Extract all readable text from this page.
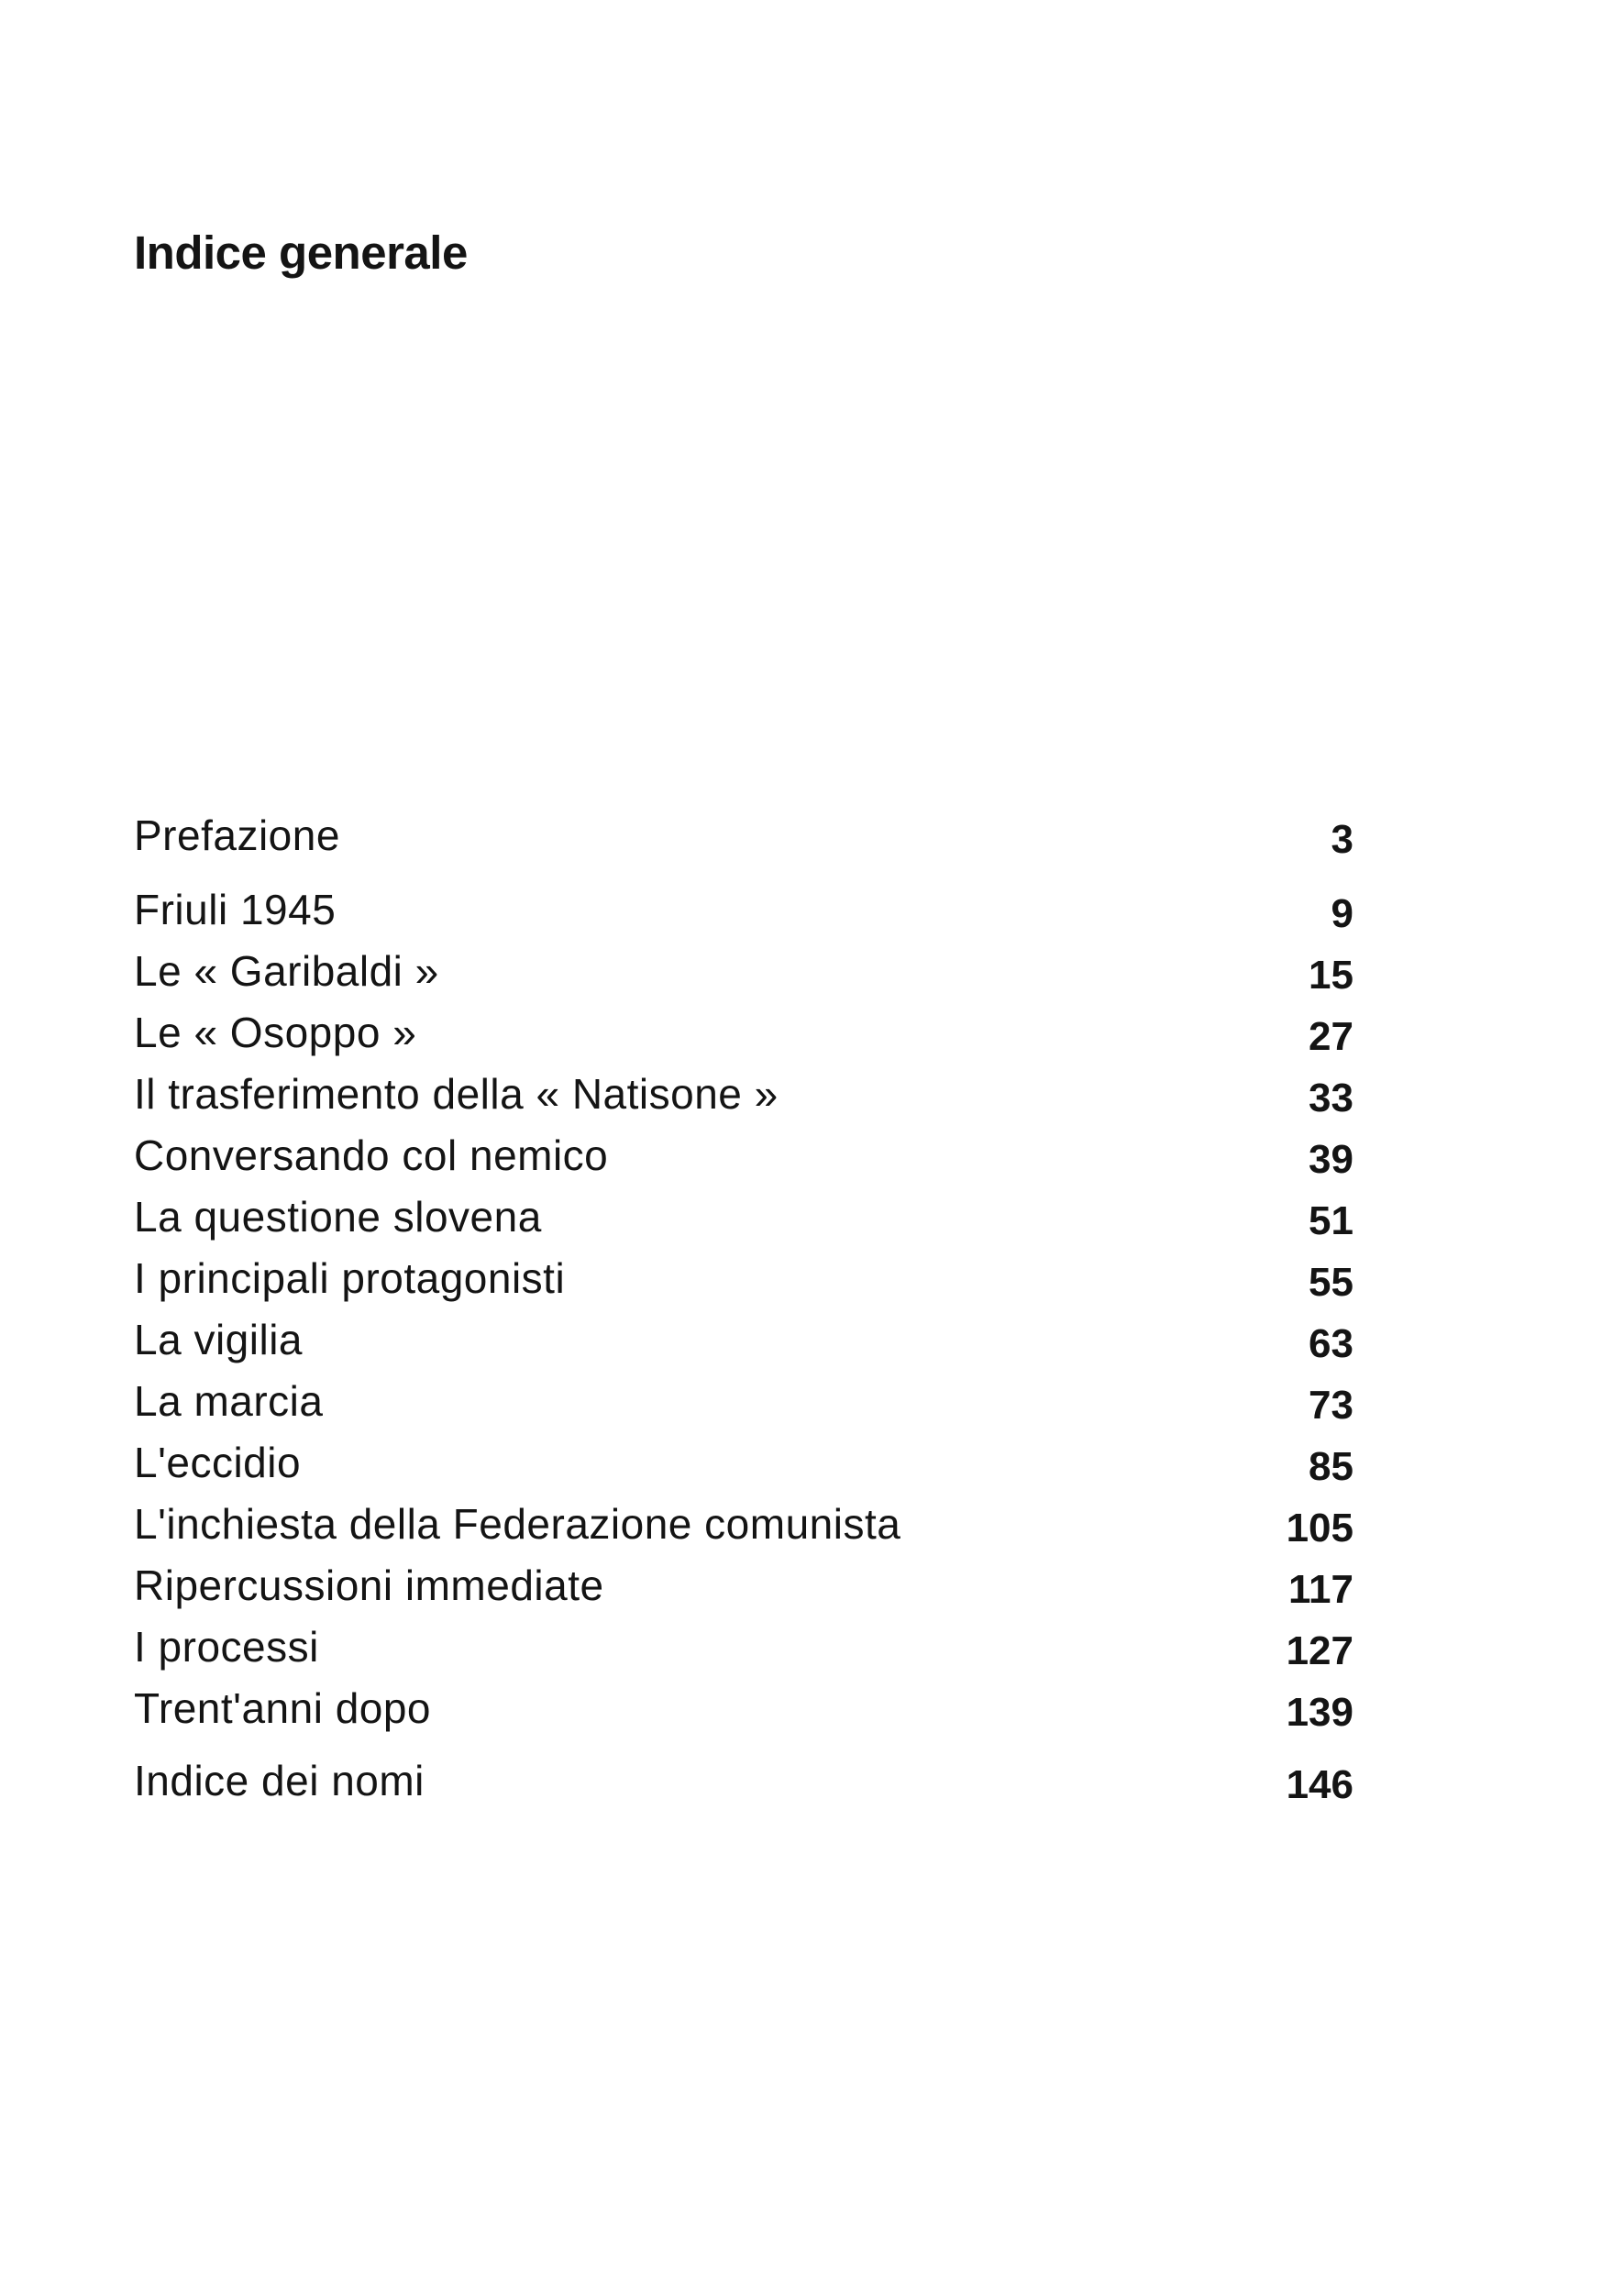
Indice generale
Prefazione	3
Friuli 1945	9
Le « Garibaldi »	15
Le « Osoppo »	27
Il trasferimento della « Natisone »	33
Conversando col nemico	39
La questione slovena	51
I principali protagonisti	55
La vigilia	63
La marcia	73
L'eccidio	85
L'inchiesta della Federazione comunista	105
Ripercussioni immediate	117
I processi	127
Trent'anni dopo	139
Indice dei nomi	146
